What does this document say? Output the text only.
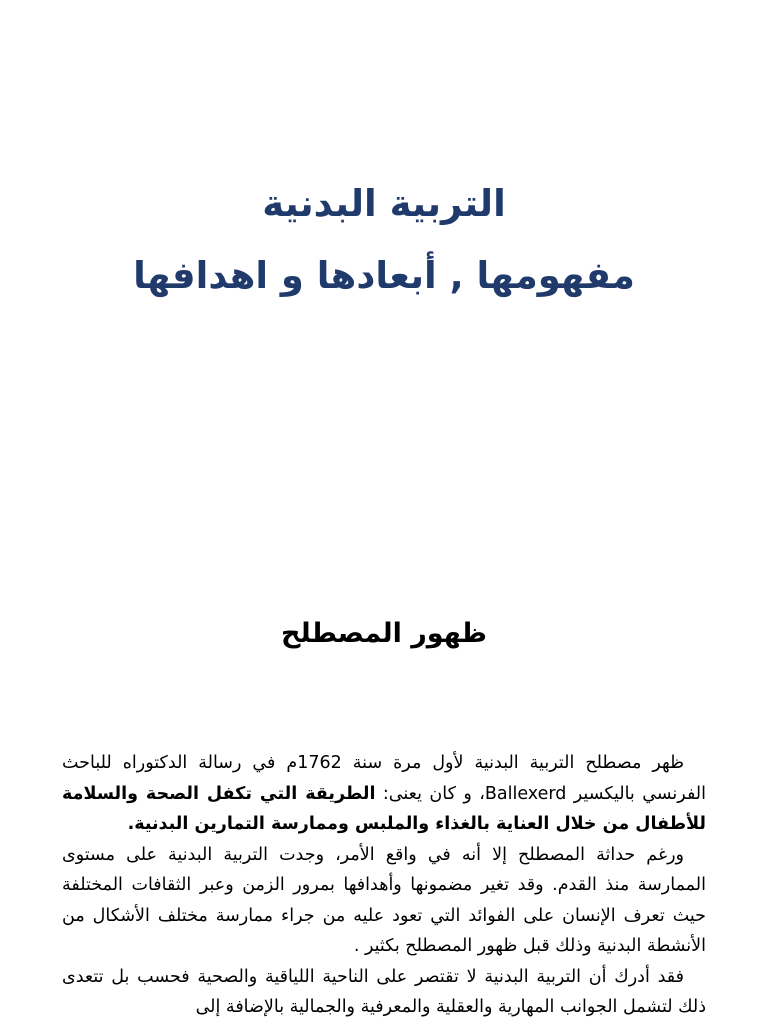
التربية البدنية
مفهومها , أبعادها و اهدافها
ظهور المصطلح

ظهر مصطلح التربية البدنية لأول مرة سنة 1762م في رسالة الدكتوراه للباحث الفرنسي باليكسير Ballexerd، و كان يعنى: الطريقة التي تكفل الصحة والسلامة للأطفال من خلال العناية بالغذاء والملبس وممارسة التمارين البدنية.

ورغم حداثة المصطلح إلا أنه في واقع الأمر، وجدت التربية البدنية على مستوى الممارسة منذ القدم. وقد تغير مضمونها وأهدافها بمرور الزمن وعبر الثقافات المختلفة حيث تعرف الإنسان على الفوائد التي تعود عليه من جراء ممارسة مختلف الأشكال من الأنشطة البدنية وذلك قبل ظهور المصطلح بكثير .

فقد أدرك أن التربية البدنية لا تقتصر على الناحية اللياقية والصحية فحسب بل تتعدى ذلك لتشمل الجوانب المهارية والعقلية والمعرفية والجمالية بالإضافة إلى
